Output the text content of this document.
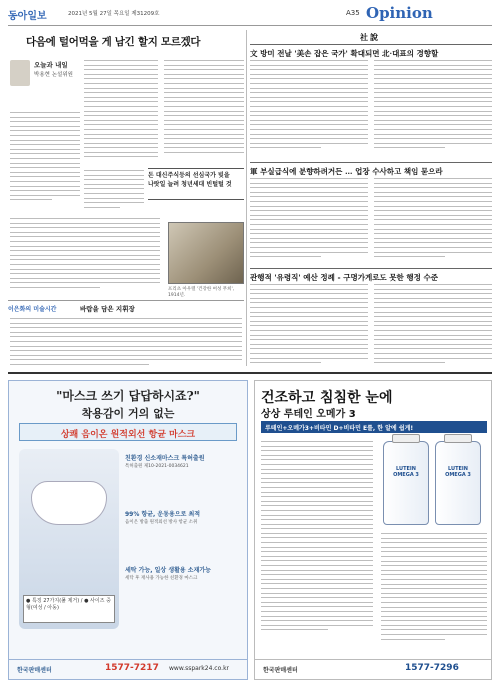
동아일보	2021년 5월 27일 목요일 제31209호	A35 Opinion
다음에 털어먹을 게 남긴 할지 모르겠다
오늘과 내일
박용현 논설위원
돈 대신주식등의 선심국가 빚을
나랏일 늘려 청년세대 빈털털 것
프리츠 아우렐 '건강한 여성 무희', 1914년.
이은화의 미술시간	바람을 담은 지휘장
社說
文 방미 전날 '美손 잡은 국가' 확대되면 北·대표의 경향할
軍 부실급식에 분향하려거든 … 업장 수사하고 책임 묻으라
관행적 '유령직' 예산 정례 - 구명가게로도 못한 행정 수준
"마스크 쓰기 답답하시죠?"
착용감이 거의 없는
상쾌 음이온 원적외선 항균 마스크
● 특징 27가지(풀 제거) / ● 사이즈 중형(여성 / 아동)
친환경 신소재마스크 특허출원
특허출원 제10-2021-0034621
99% 항균, 운동용으로 최적
음이온 방출 원적외선 방사 항균 소취
세탁 가능, 일상 생활용 소재가능
세탁 후 재사용 가능한 친환경 마스크
한국판매센터	1577-7217 www.sspark24.co.kr
건조하고 침침한 눈에
상상 루테인 오메가 3
루테인+오메가3+비타민 D+비타민 E를, 한 알에 쉽게!
LUTEIN OMEGA 3
LUTEIN OMEGA 3
한국판매센터	1577-7296
